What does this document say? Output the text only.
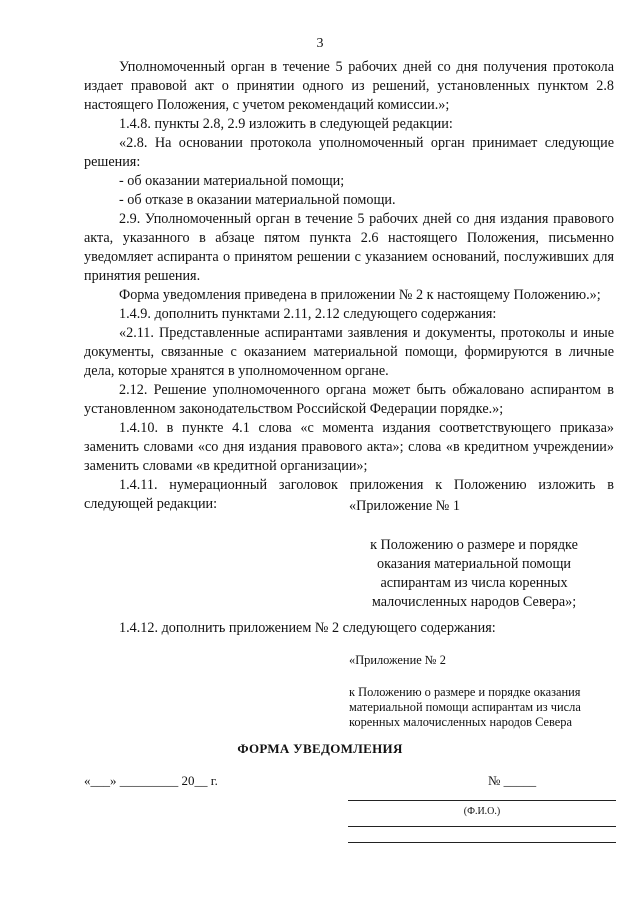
3

Уполномоченный орган в течение 5 рабочих дней со дня получения протокола издает правовой акт о принятии одного из решений, установленных пунктом 2.8 настоящего Положения, с учетом рекомендаций комиссии.»;

1.4.8. пункты 2.8, 2.9 изложить в следующей редакции:

«2.8. На основании протокола уполномоченный орган принимает следующие решения:

- об оказании материальной помощи;

- об отказе в оказании материальной помощи.

2.9. Уполномоченный орган в течение 5 рабочих дней со дня издания правового акта, указанного в абзаце пятом пункта 2.6 настоящего Положения, письменно уведомляет аспиранта о принятом решении с указанием оснований, послуживших для принятия решения.

Форма уведомления приведена в приложении № 2 к настоящему Положению.»;

1.4.9. дополнить пунктами 2.11, 2.12 следующего содержания:

«2.11. Представленные аспирантами заявления и документы, протоколы и иные документы, связанные с оказанием материальной помощи, формируются в личные дела, которые хранятся в уполномоченном органе.

2.12. Решение уполномоченного органа может быть обжаловано аспирантом в установленном законодательством Российской Федерации порядке.»;

1.4.10. в пункте 4.1 слова «с момента издания соответствующего приказа» заменить словами «со дня издания правового акта»; слова «в кредитном учреждении» заменить словами «в кредитной организации»;

1.4.11. нумерационный заголовок приложения к Положению изложить в следующей редакции:	«Приложение № 1
к Положению о размере и порядке
оказания материальной помощи
аспирантам из числа коренных
малочисленных народов Севера»;
1.4.12. дополнить приложением № 2 следующего содержания:
«Приложение № 2
к Положению о размере и порядке оказания
материальной помощи аспирантам из числа
коренных малочисленных народов Севера
ФОРМА УВЕДОМЛЕНИЯ
«___» _________ 20__ г.	№ _____
(Ф.И.О.)
